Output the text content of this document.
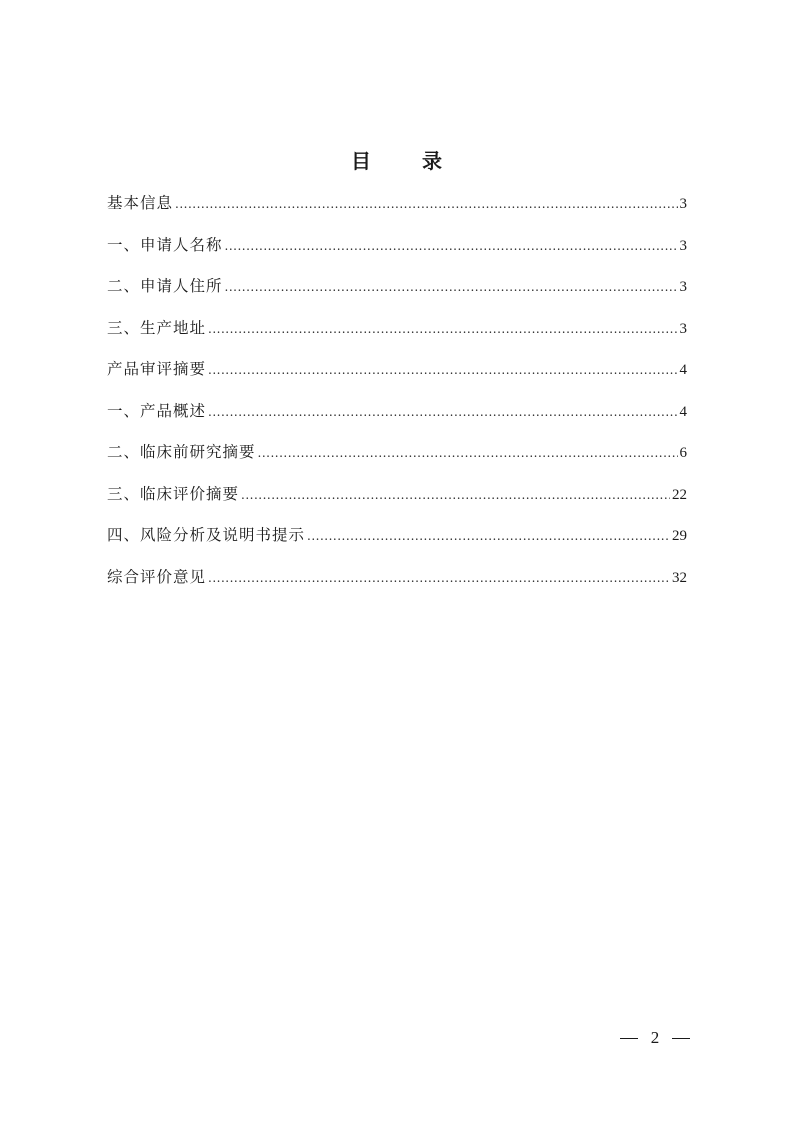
目 录
基本信息 .....	3
一、申请人名称 .....	3
二、申请人住所 .....	3
三、生产地址 .....	3
产品审评摘要 .....	4
一、产品概述 .....	4
二、临床前研究摘要 .....	6
三、临床评价摘要 .....	22
四、风险分析及说明书提示 .....	29
综合评价意见 .....	32
2
